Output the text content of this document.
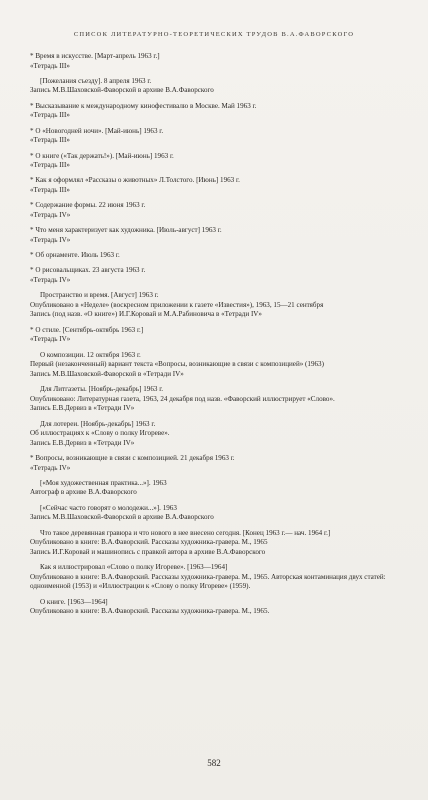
СПИСОК ЛИТЕРАТУРНО-ТЕОРЕТИЧЕСКИХ ТРУДОВ В.А.ФАВОРСКОГО
* Время в искусстве. [Март-апрель 1963 г.]
«Тетрадь III»
[Пожелания съезду]. 8 апреля 1963 г.
Запись М.В.Шаховской-Фаворской в архиве В.А.Фаворского
* Высказывание к международному кинофестивалю в Москве. Май 1963 г.
«Тетрадь III»
* О «Новогодней ночи». [Май-июнь] 1963 г.
«Тетрадь III»
* О книге («Так держать!»). [Май-июнь] 1963 г.
«Тетрадь III»
* Как я оформлял «Рассказы о животных» Л.Толстого. [Июнь] 1963 г.
«Тетрадь III»
* Содержание формы. 22 июня 1963 г.
«Тетрадь IV»
* Что меня характеризует как художника. [Июль-август] 1963 г.
«Тетрадь IV»
* Об орнаменте. Июль 1963 г.
* О рисовальщиках. 23 августа 1963 г.
«Тетрадь IV»
Пространство и время. [Август] 1963 г.
Опубликовано в «Неделе» (воскресном приложении к газете «Известия»), 1963, 15—21 сентября
Запись (под назв. «О книге») И.Г.Коровай и М.А.Рабиновича в «Тетради IV»
* О стиле. [Сентябрь-октябрь 1963 г.]
«Тетрадь IV»
О композиции. 12 октября 1963 г.
Первый (незаконченный) вариант текста «Вопросы, возникающие в связи с композицией» (1963)
Запись М.В.Шаховской-Фаворской в «Тетради IV»
Для Литгазеты. [Ноябрь-декабрь] 1963 г.
Опубликовано: Литературная газета, 1963, 24 декабря под назв. «Фаворский иллюстрирует «Слово».
Запись Е.В.Дервиз в «Тетради IV»
Для лотереи. [Ноябрь-декабрь] 1963 г.
Об иллюстрациях к «Слову о полку Игореве».
Запись Е.В.Дервиз в «Тетради IV»
* Вопросы, возникающие в связи с композицией. 21 декабря 1963 г.
«Тетрадь IV»
[«Моя художественная практика...»]. 1963
Автограф в архиве В.А.Фаворского
[«Сейчас часто говорят о молодежи...»]. 1963
Запись М.В.Шаховской-Фаворской в архиве В.А.Фаворского
Что такое деревянная гравюра и что нового в нее внесено сегодня. [Конец 1963 г.— нач. 1964 г.]
Опубликовано в книге: В.А.Фаворский. Рассказы художника-гравера. М., 1965
Запись И.Г.Коровай и машинопись с правкой автора в архиве В.А.Фаворского
Как я иллюстрировал «Слово о полку Игореве». [1963—1964]
Опубликовано в книге: В.А.Фаворский. Рассказы художника-гравера. М., 1965. Авторская контаминация двух статей: одноименной (1953) и «Иллюстрации к «Слову о полку Игореве» (1959).
О книге. [1963—1964]
Опубликовано в книге: В.А.Фаворский. Рассказы художника-гравера. М., 1965.
582
